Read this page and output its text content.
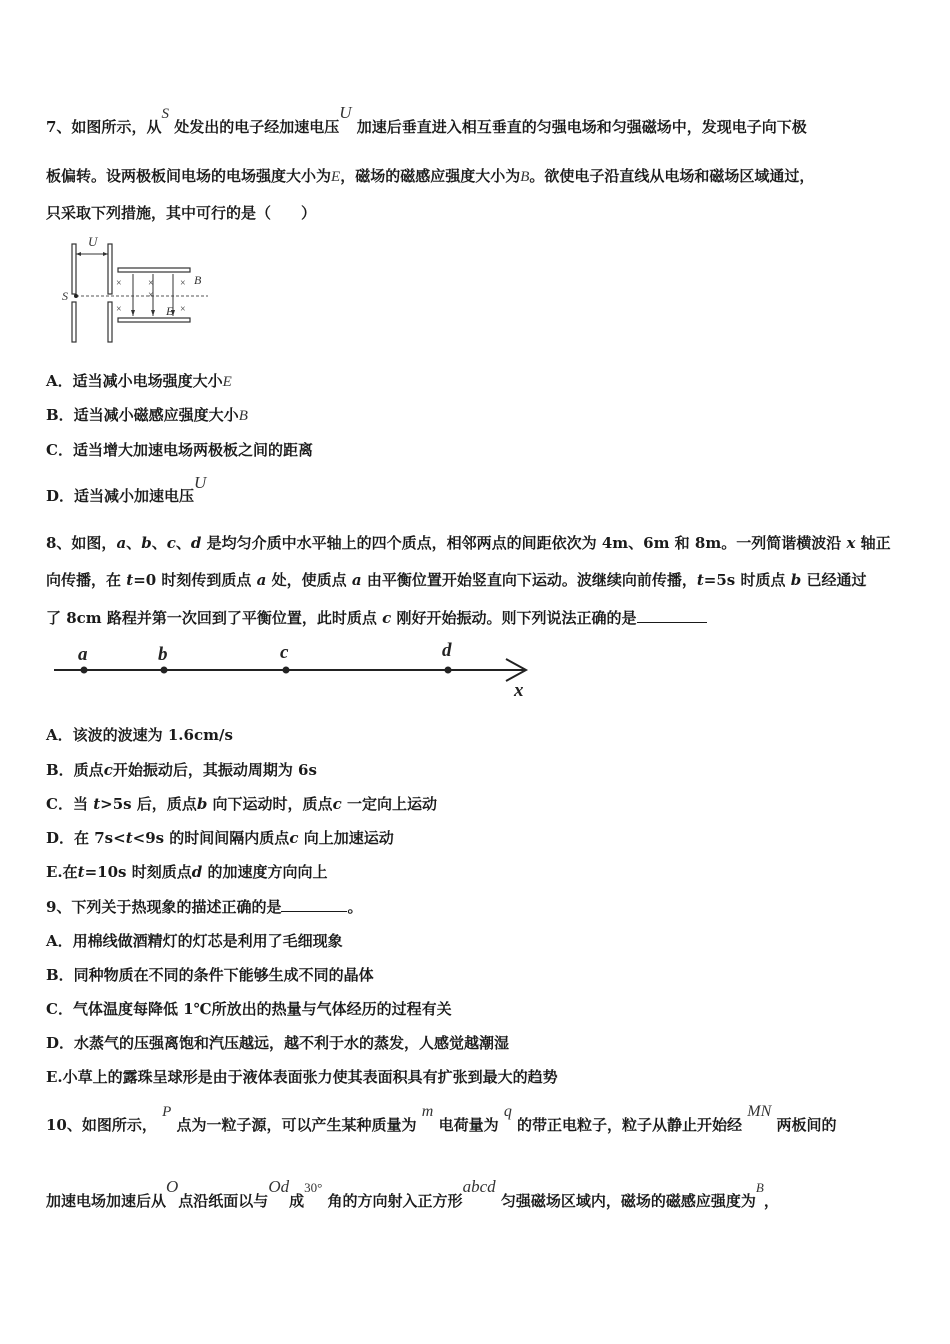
7、如图所示，从S 处发出的电子经加速电压U 加速后垂直进入相互垂直的匀强电场和匀强磁场中，发现电子向下极
板偏转。设两极板间电场的电场强度大小为E，磁场的磁感应强度大小为B。欲使电子沿直线从电场和磁场区域通过，
只采取下列措施，其中可行的是（　　）
U
S
×	×	×
×
×
×
B
E
A．适当减小电场强度大小E
B．适当减小磁感应强度大小B
C．适当增大加速电场两极板之间的距离
D．适当减小加速电压U
8、如图，a、b、c、d 是均匀介质中水平轴上的四个质点，相邻两点的间距依次为 4m、6m 和 8m。一列简谐横波沿 x 轴正
向传播，在 t=0 时刻传到质点 a 处，使质点 a 由平衡位置开始竖直向下运动。波继续向前传播，t=5s 时质点 b 已经通过
了 8cm 路程并第一次回到了平衡位置，此时质点 c 刚好开始振动。则下列说法正确的是
a	b	c	d
x
A．该波的波速为 1.6cm/s
B．质点c开始振动后，其振动周期为 6s
C．当 t>5s 后，质点b 向下运动时，质点c 一定向上运动
D．在 7s<t<9s 的时间间隔内质点c 向上加速运动
E.在t=10s 时刻质点d 的加速度方向向上
9、下列关于热现象的描述正确的是	。
A．用棉线做酒精灯的灯芯是利用了毛细现象
B．同种物质在不同的条件下能够生成不同的晶体
C．气体温度每降低 1℃所放出的热量与气体经历的过程有关
D．水蒸气的压强离饱和汽压越远，越不利于水的蒸发，人感觉越潮湿
E.小草上的露珠呈球形是由于液体表面张力使其表面积具有扩张到最大的趋势
10、如图所示， P 点为一粒子源，可以产生某种质量为 m 电荷量为 q 的带正电粒子，粒子从静止开始经 MN 两板间的
加速电场加速后从O点沿纸面以与Od成30° 角的方向射入正方形abcd 匀强磁场区域内，磁场的磁感应强度为B，
